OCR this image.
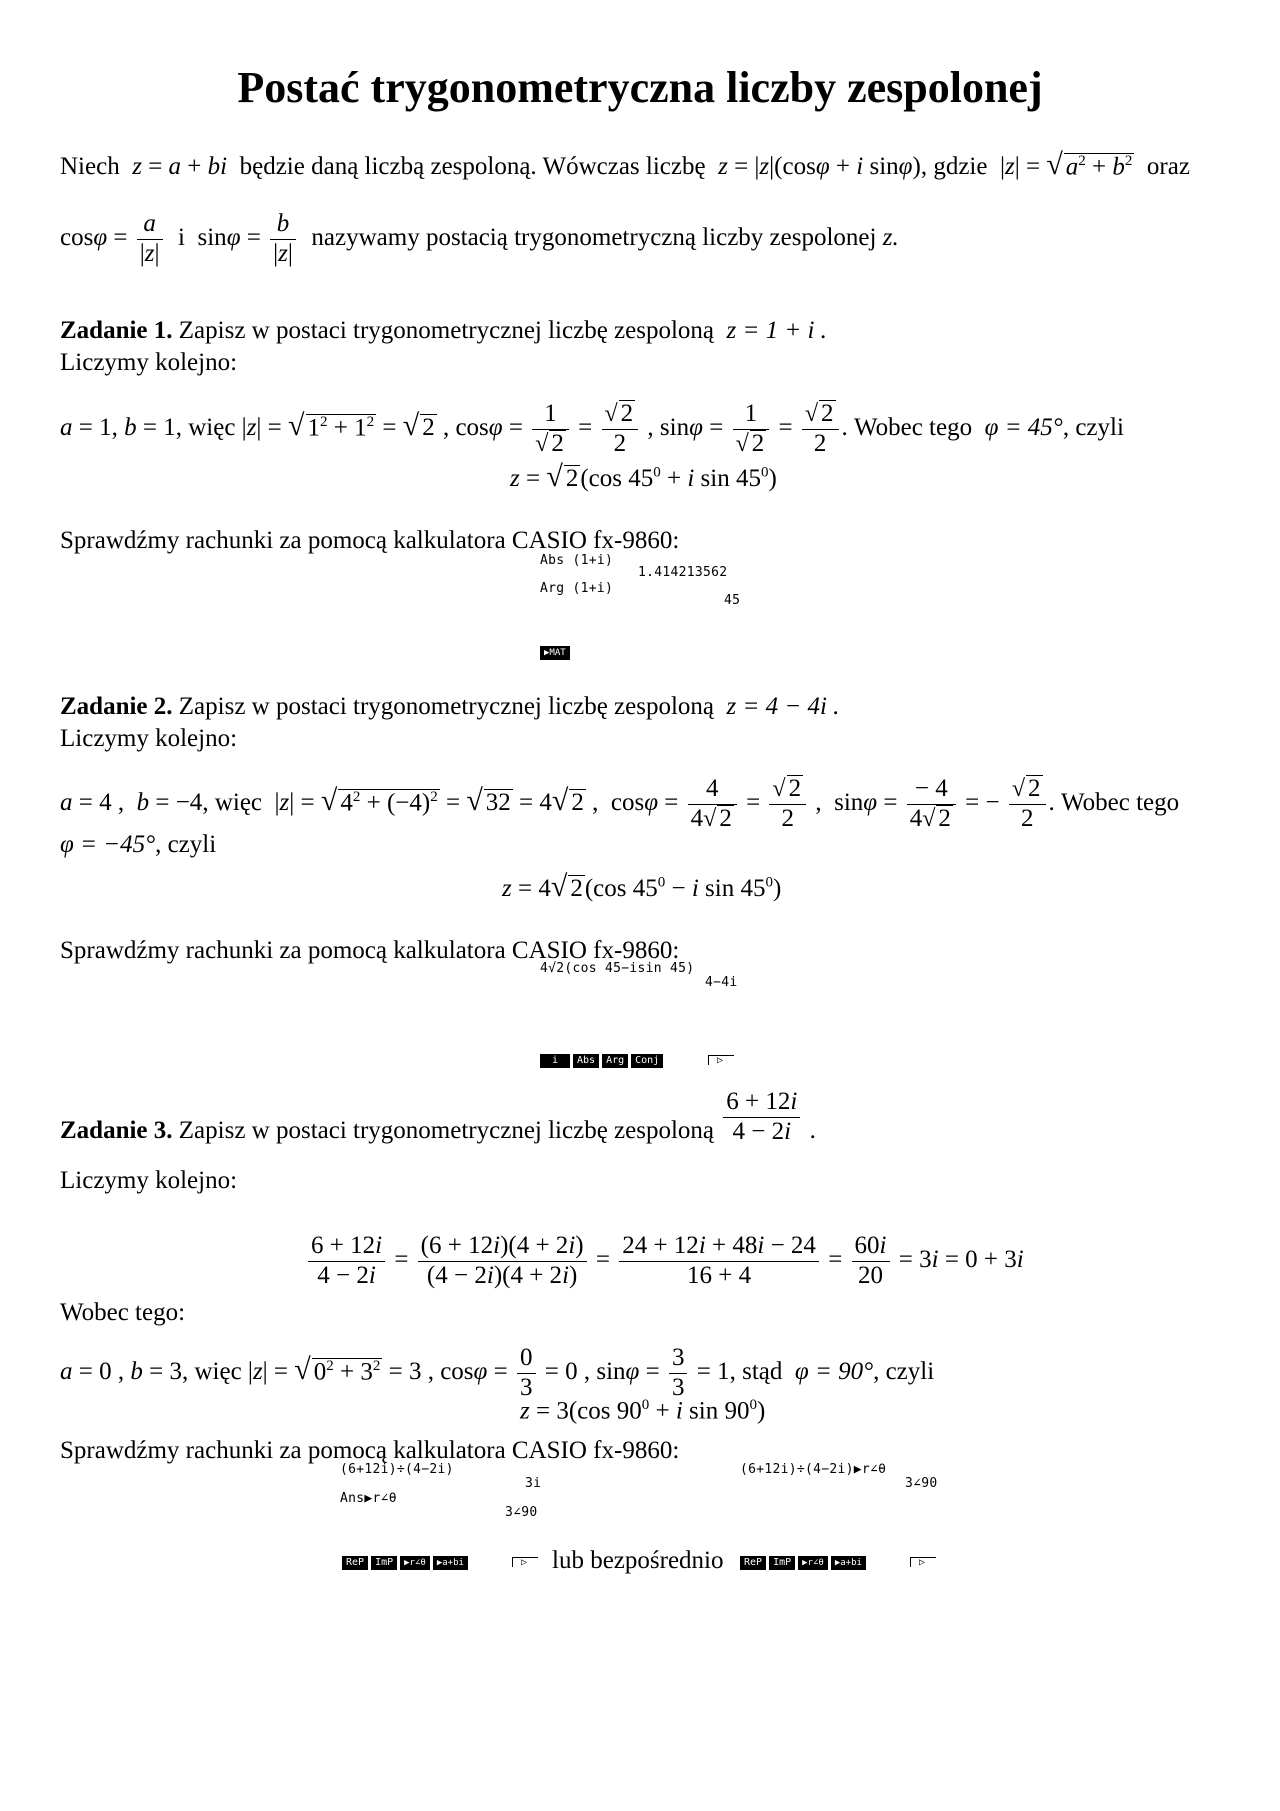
Postać trygonometryczna liczby zespolonej
Niech z = a + bi będzie daną liczbą zespoloną. Wówczas liczbę z = |z|(cosφ + i sinφ), gdzie  |z| = √ $a^2 + b^2$ oraz
$\cos\varphi = \frac{a}{|z|}$ i  $\sin\varphi = \frac{b}{|z|}$ nazywamy postacią trygonometryczną liczby zespolonej z.
Zadanie 1. Zapisz w postaci trygonometrycznej liczbę zespoloną z = 1 + i .
Liczymy kolejno:
a = 1, b = 1, więc |z| = √ $1^2 + 1^2$ = √ 2 , $\cos\varphi = \frac{1}{√ 2} = \frac{√ 2}{2}$ , $\sin\varphi = \frac{1}{√ 2} = \frac{√ 2}{2}$ . Wobec tego φ = 45°, czyli
z = √ 2(cos $45^0 + i$ $\sin 45^0$)
Sprawdźmy rachunki za pomocą kalkulatora CASIO fx-9860:
Abs (1+i)
1.414213562
Arg (1+i)
45
▶MAT
Zadanie 2. Zapisz w postaci trygonometrycznej liczbę zespoloną z = 4 − 4i .
Liczymy kolejno:
a = 4 ,  b = −4, więc  |z| = √ $4^2 + (-4)^2$ = √ 32 = 4√ 2 ,  $\cos\varphi = \frac{4}{4√ 2} = \frac{√ 2}{2}$ ,  $\sin\varphi = \frac{- 4}{4√ 2}$ = − $\frac{√ 2}{2}$ . Wobec tego
φ = −45°, czyli
z = 4√ 2(cos $45^0 - i$ $\sin 45^0$)
Sprawdźmy rachunki za pomocą kalkulatora CASIO fx-9860:
4√2(cos 45−isin 45)
4−4i
i	Abs	Arg	Conj	▷
Zadanie 3. Zapisz w postaci trygonometrycznej liczbę zespoloną $\frac{6 + 12i}{4 - 2i}$ .
Liczymy kolejno:
$\frac{6 + 12i}{4 - 2i} = \frac{(6 + 12i)(4 + 2i)}{(4 - 2i)(4 + 2i)} = \frac{24 + 12i + 48i - 24}{16 + 4} = \frac{60i}{20} = 3i = 0 + 3i$
Wobec tego:
a = 0 , b = 3, więc |z| = √ $0^2 + 3^2 = 3$ , $\cos\varphi = \frac{0}{3} = 0$ , $\sin\varphi = \frac{3}{3} = 1$, stąd φ = 90°, czyli
z = 3(cos $90^0 + i$ $\sin 90^0$)
Sprawdźmy rachunki za pomocą kalkulatora CASIO fx-9860:
(6+12i)÷(4−2i)
3i
Ans▶r∠θ
3∠90
(6+12i)÷(4−2i)▶r∠θ
3∠90
ReP	ImP	▶r∠θ	▶a+bi	▷ lub bezpośrednio	ReP	ImP	▶r∠θ	▶a+bi	▷
